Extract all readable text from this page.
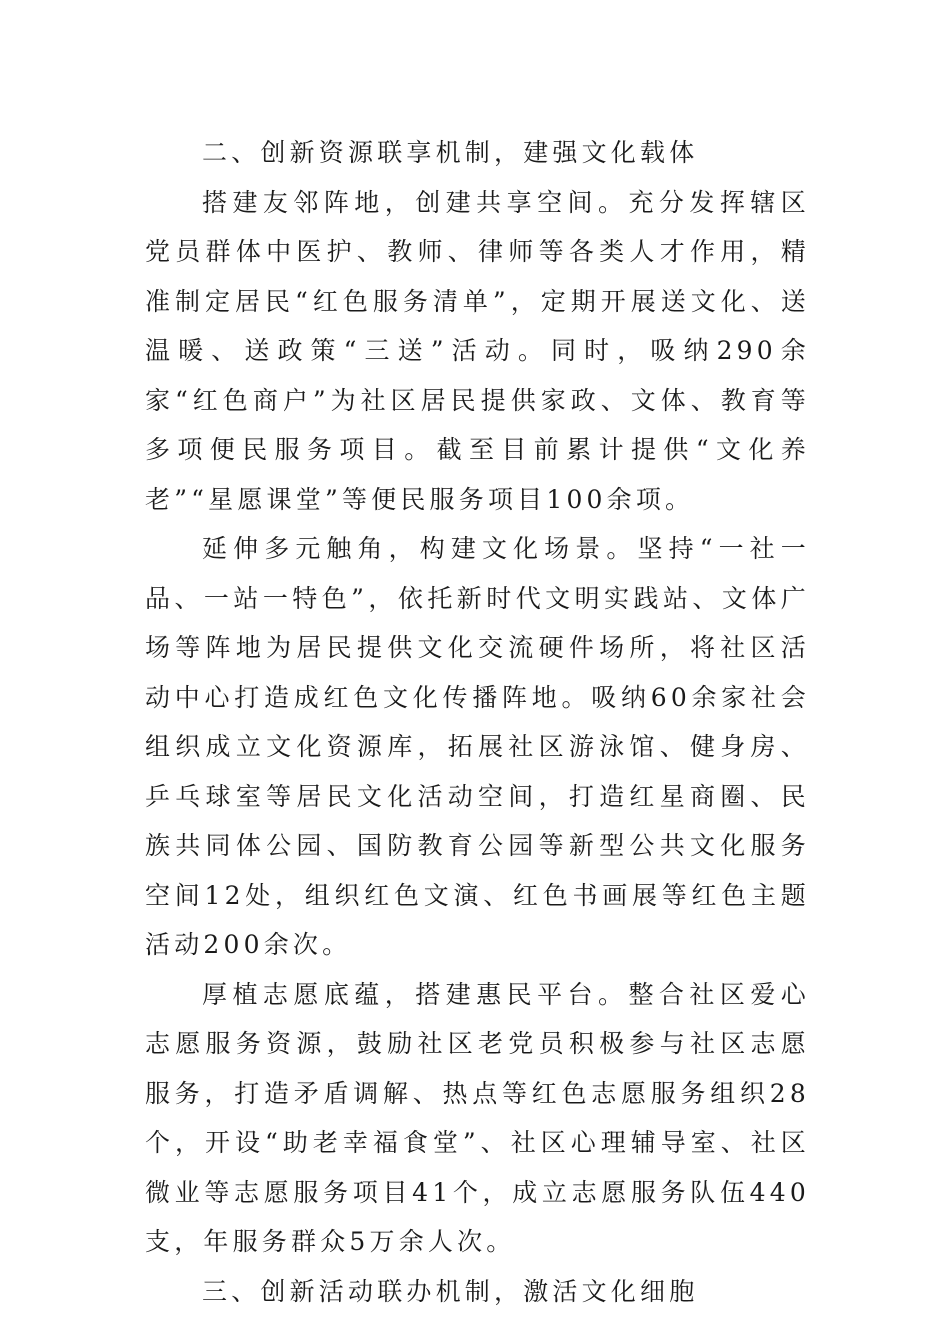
二、创新资源联享机制，建强文化载体

搭建友邻阵地，创建共享空间。充分发挥辖区党员群体中医护、教师、律师等各类人才作用，精准制定居民“红色服务清单”，定期开展送文化、送温暖、送政策“三送”活动。同时，吸纳290余家“红色商户”为社区居民提供家政、文体、教育等多项便民服务项目。截至目前累计提供“文化养老”“星愿课堂”等便民服务项目100余项。

延伸多元触角，构建文化场景。坚持“一社一品、一站一特色”，依托新时代文明实践站、文体广场等阵地为居民提供文化交流硬件场所，将社区活动中心打造成红色文化传播阵地。吸纳60余家社会组织成立文化资源库，拓展社区游泳馆、健身房、乒乓球室等居民文化活动空间，打造红星商圈、民族共同体公园、国防教育公园等新型公共文化服务空间12处，组织红色文演、红色书画展等红色主题活动200余次。

厚植志愿底蕴，搭建惠民平台。整合社区爱心志愿服务资源，鼓励社区老党员积极参与社区志愿服务，打造矛盾调解、热点等红色志愿服务组织28个，开设“助老幸福食堂”、社区心理辅导室、社区微业等志愿服务项目41个，成立志愿服务队伍440支，年服务群众5万余人次。

三、创新活动联办机制，激活文化细胞
